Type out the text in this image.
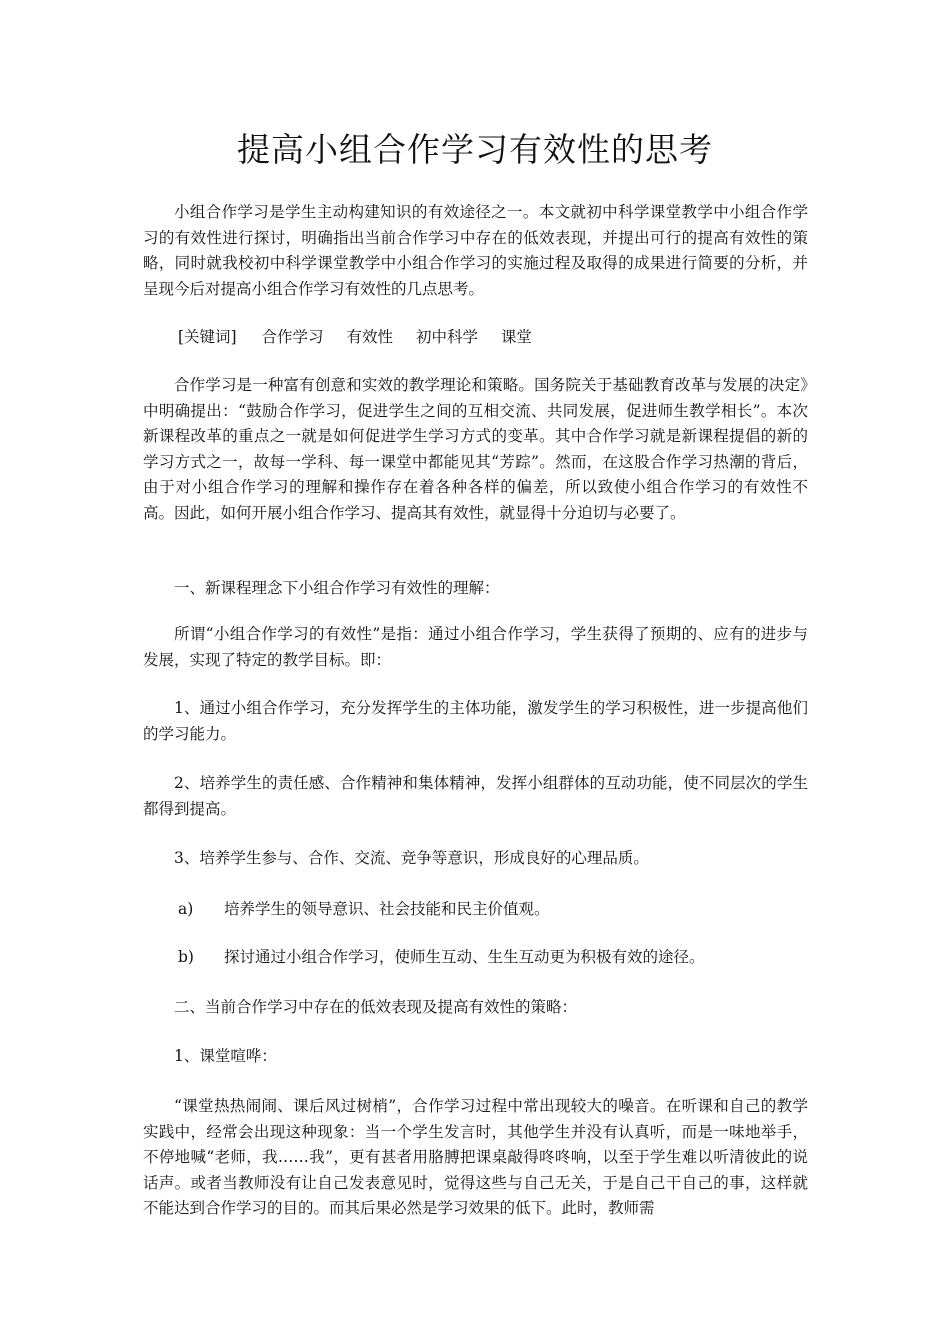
提高小组合作学习有效性的思考

小组合作学习是学生主动构建知识的有效途径之一。本文就初中科学课堂教学中小组合作学习的有效性进行探讨，明确指出当前合作学习中存在的低效表现，并提出可行的提高有效性的策略，同时就我校初中科学课堂教学中小组合作学习的实施过程及取得的成果进行简要的分析，并呈现今后对提高小组合作学习有效性的几点思考。

[关键词] 合作学习 有效性 初中科学 课堂

合作学习是一种富有创意和实效的教学理论和策略。国务院关于基础教育改革与发展的决定》中明确提出：“鼓励合作学习，促进学生之间的互相交流、共同发展，促进师生教学相长”。本次新课程改革的重点之一就是如何促进学生学习方式的变革。其中合作学习就是新课程提倡的新的学习方式之一，故每一学科、每一课堂中都能见其“芳踪”。然而，在这股合作学习热潮的背后，由于对小组合作学习的理解和操作存在着各种各样的偏差，所以致使小组合作学习的有效性不高。因此，如何开展小组合作学习、提高其有效性，就显得十分迫切与必要了。

一、新课程理念下小组合作学习有效性的理解：

所谓“小组合作学习的有效性”是指：通过小组合作学习，学生获得了预期的、应有的进步与发展，实现了特定的教学目标。即：

1、通过小组合作学习，充分发挥学生的主体功能，激发学生的学习积极性，进一步提高他们的学习能力。

2、培养学生的责任感、合作精神和集体精神，发挥小组群体的互动功能，使不同层次的学生都得到提高。

3、培养学生参与、合作、交流、竞争等意识，形成良好的心理品质。

a) 培养学生的领导意识、社会技能和民主价值观。

b) 探讨通过小组合作学习，使师生互动、生生互动更为积极有效的途径。

二、当前合作学习中存在的低效表现及提高有效性的策略：

1、课堂喧哗：

“课堂热热闹闹、课后风过树梢”，合作学习过程中常出现较大的噪音。在听课和自己的教学实践中，经常会出现这种现象：当一个学生发言时，其他学生并没有认真听，而是一味地举手，不停地喊“老师，我……我”，更有甚者用胳膊把课桌敲得咚咚响，以至于学生难以听清彼此的说话声。或者当教师没有让自己发表意见时，觉得这些与自己无关，于是自己干自己的事，这样就不能达到合作学习的目的。而其后果必然是学习效果的低下。此时，教师需
